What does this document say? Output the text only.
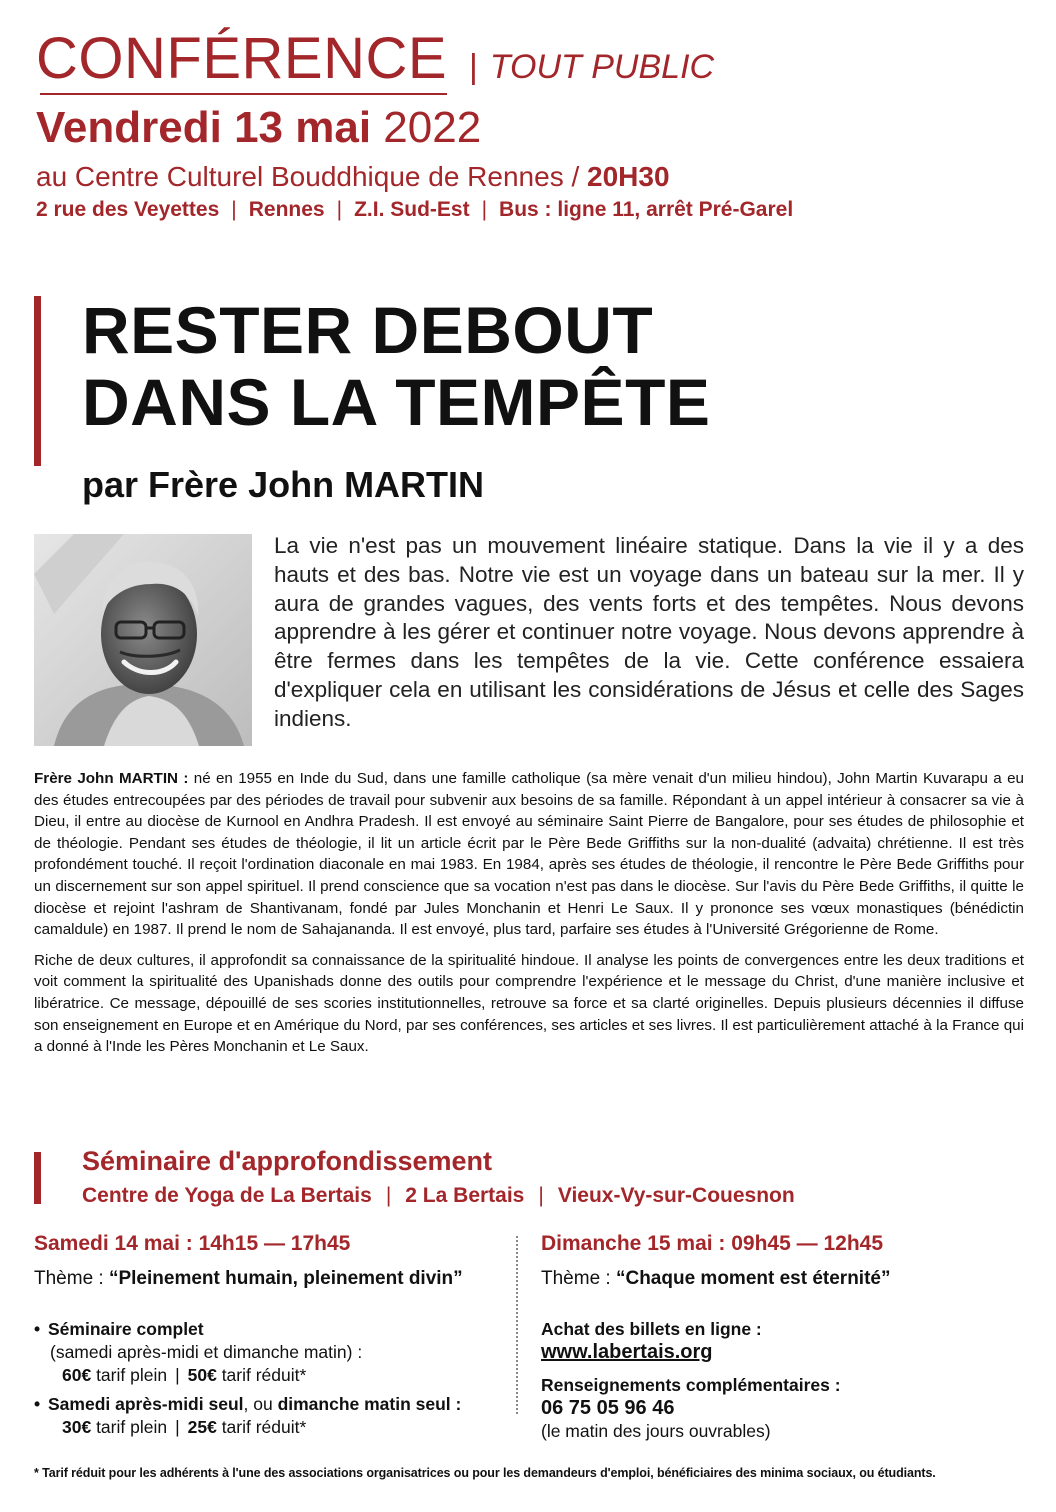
CONFÉRENCE | TOUT PUBLIC
Vendredi 13 mai 2022
au Centre Culturel Bouddhique de Rennes / 20H30
2 rue des Veyettes | Rennes | Z.I. Sud-Est | Bus : ligne 11, arrêt Pré-Garel
RESTER DEBOUT
DANS LA TEMPÊTE
par Frère John MARTIN
La vie n'est pas un mouvement linéaire statique. Dans la vie il y a des hauts et des bas. Notre vie est un voyage dans un bateau sur la mer. Il y aura de grandes vagues, des vents forts et des tempêtes. Nous devons apprendre à les gérer et continuer notre voyage. Nous devons apprendre à être fermes dans les tempêtes de la vie. Cette conférence essaiera d'expliquer cela en utilisant les considérations de Jésus et celle des Sages indiens.

Frère John MARTIN : né en 1955 en Inde du Sud, dans une famille catholique (sa mère venait d'un milieu hindou), John Martin Kuvarapu a eu des études entrecoupées par des périodes de travail pour subvenir aux besoins de sa famille. Répondant à un appel intérieur à consacrer sa vie à Dieu, il entre au diocèse de Kurnool en Andhra Pradesh. Il est envoyé au séminaire Saint Pierre de Bangalore, pour ses études de philosophie et de théologie. Pendant ses études de théologie, il lit un article écrit par le Père Bede Griffiths sur la non-dualité (advaita) chrétienne. Il est très profondément touché. Il reçoit l'ordination diaconale en mai 1983. En 1984, après ses études de théologie, il rencontre le Père Bede Griffiths pour un discernement sur son appel spirituel. Il prend conscience que sa vocation n'est pas dans le diocèse. Sur l'avis du Père Bede Griffiths, il quitte le diocèse et rejoint l'ashram de Shantivanam, fondé par Jules Monchanin et Henri Le Saux. Il y prononce ses vœux monastiques (bénédictin camaldule) en 1987. Il prend le nom de Sahajananda. Il est envoyé, plus tard, parfaire ses études à l'Université Grégorienne de Rome.

Riche de deux cultures, il approfondit sa connaissance de la spiritualité hindoue. Il analyse les points de convergences entre les deux traditions et voit comment la spiritualité des Upanishads donne des outils pour comprendre l'expérience et le message du Christ, d'une manière inclusive et libératrice. Ce message, dépouillé de ses scories institutionnelles, retrouve sa force et sa clarté originelles. Depuis plusieurs décennies il diffuse son enseignement en Europe et en Amérique du Nord, par ses conférences, ses articles et ses livres. Il est particulièrement attaché à la France qui a donné à l'Inde les Pères Monchanin et Le Saux.

Séminaire d'approfondissement
Centre de Yoga de La Bertais | 2 La Bertais | Vieux-Vy-sur-Couesnon
Samedi 14 mai : 14h15 — 17h45
Thème : “Pleinement humain, pleinement divin”
• Séminaire complet
(samedi après-midi et dimanche matin) :
60€ tarif plein | 50€ tarif réduit*
• Samedi après-midi seul, ou dimanche matin seul :
30€ tarif plein | 25€ tarif réduit*
Dimanche 15 mai : 09h45 — 12h45
Thème : “Chaque moment est éternité”
Achat des billets en ligne :
www.labertais.org
Renseignements complémentaires :
06 75 05 96 46
(le matin des jours ouvrables)
* Tarif réduit pour les adhérents à l'une des associations organisatrices ou pour les demandeurs d'emploi, bénéficiaires des minima sociaux, ou étudiants.
